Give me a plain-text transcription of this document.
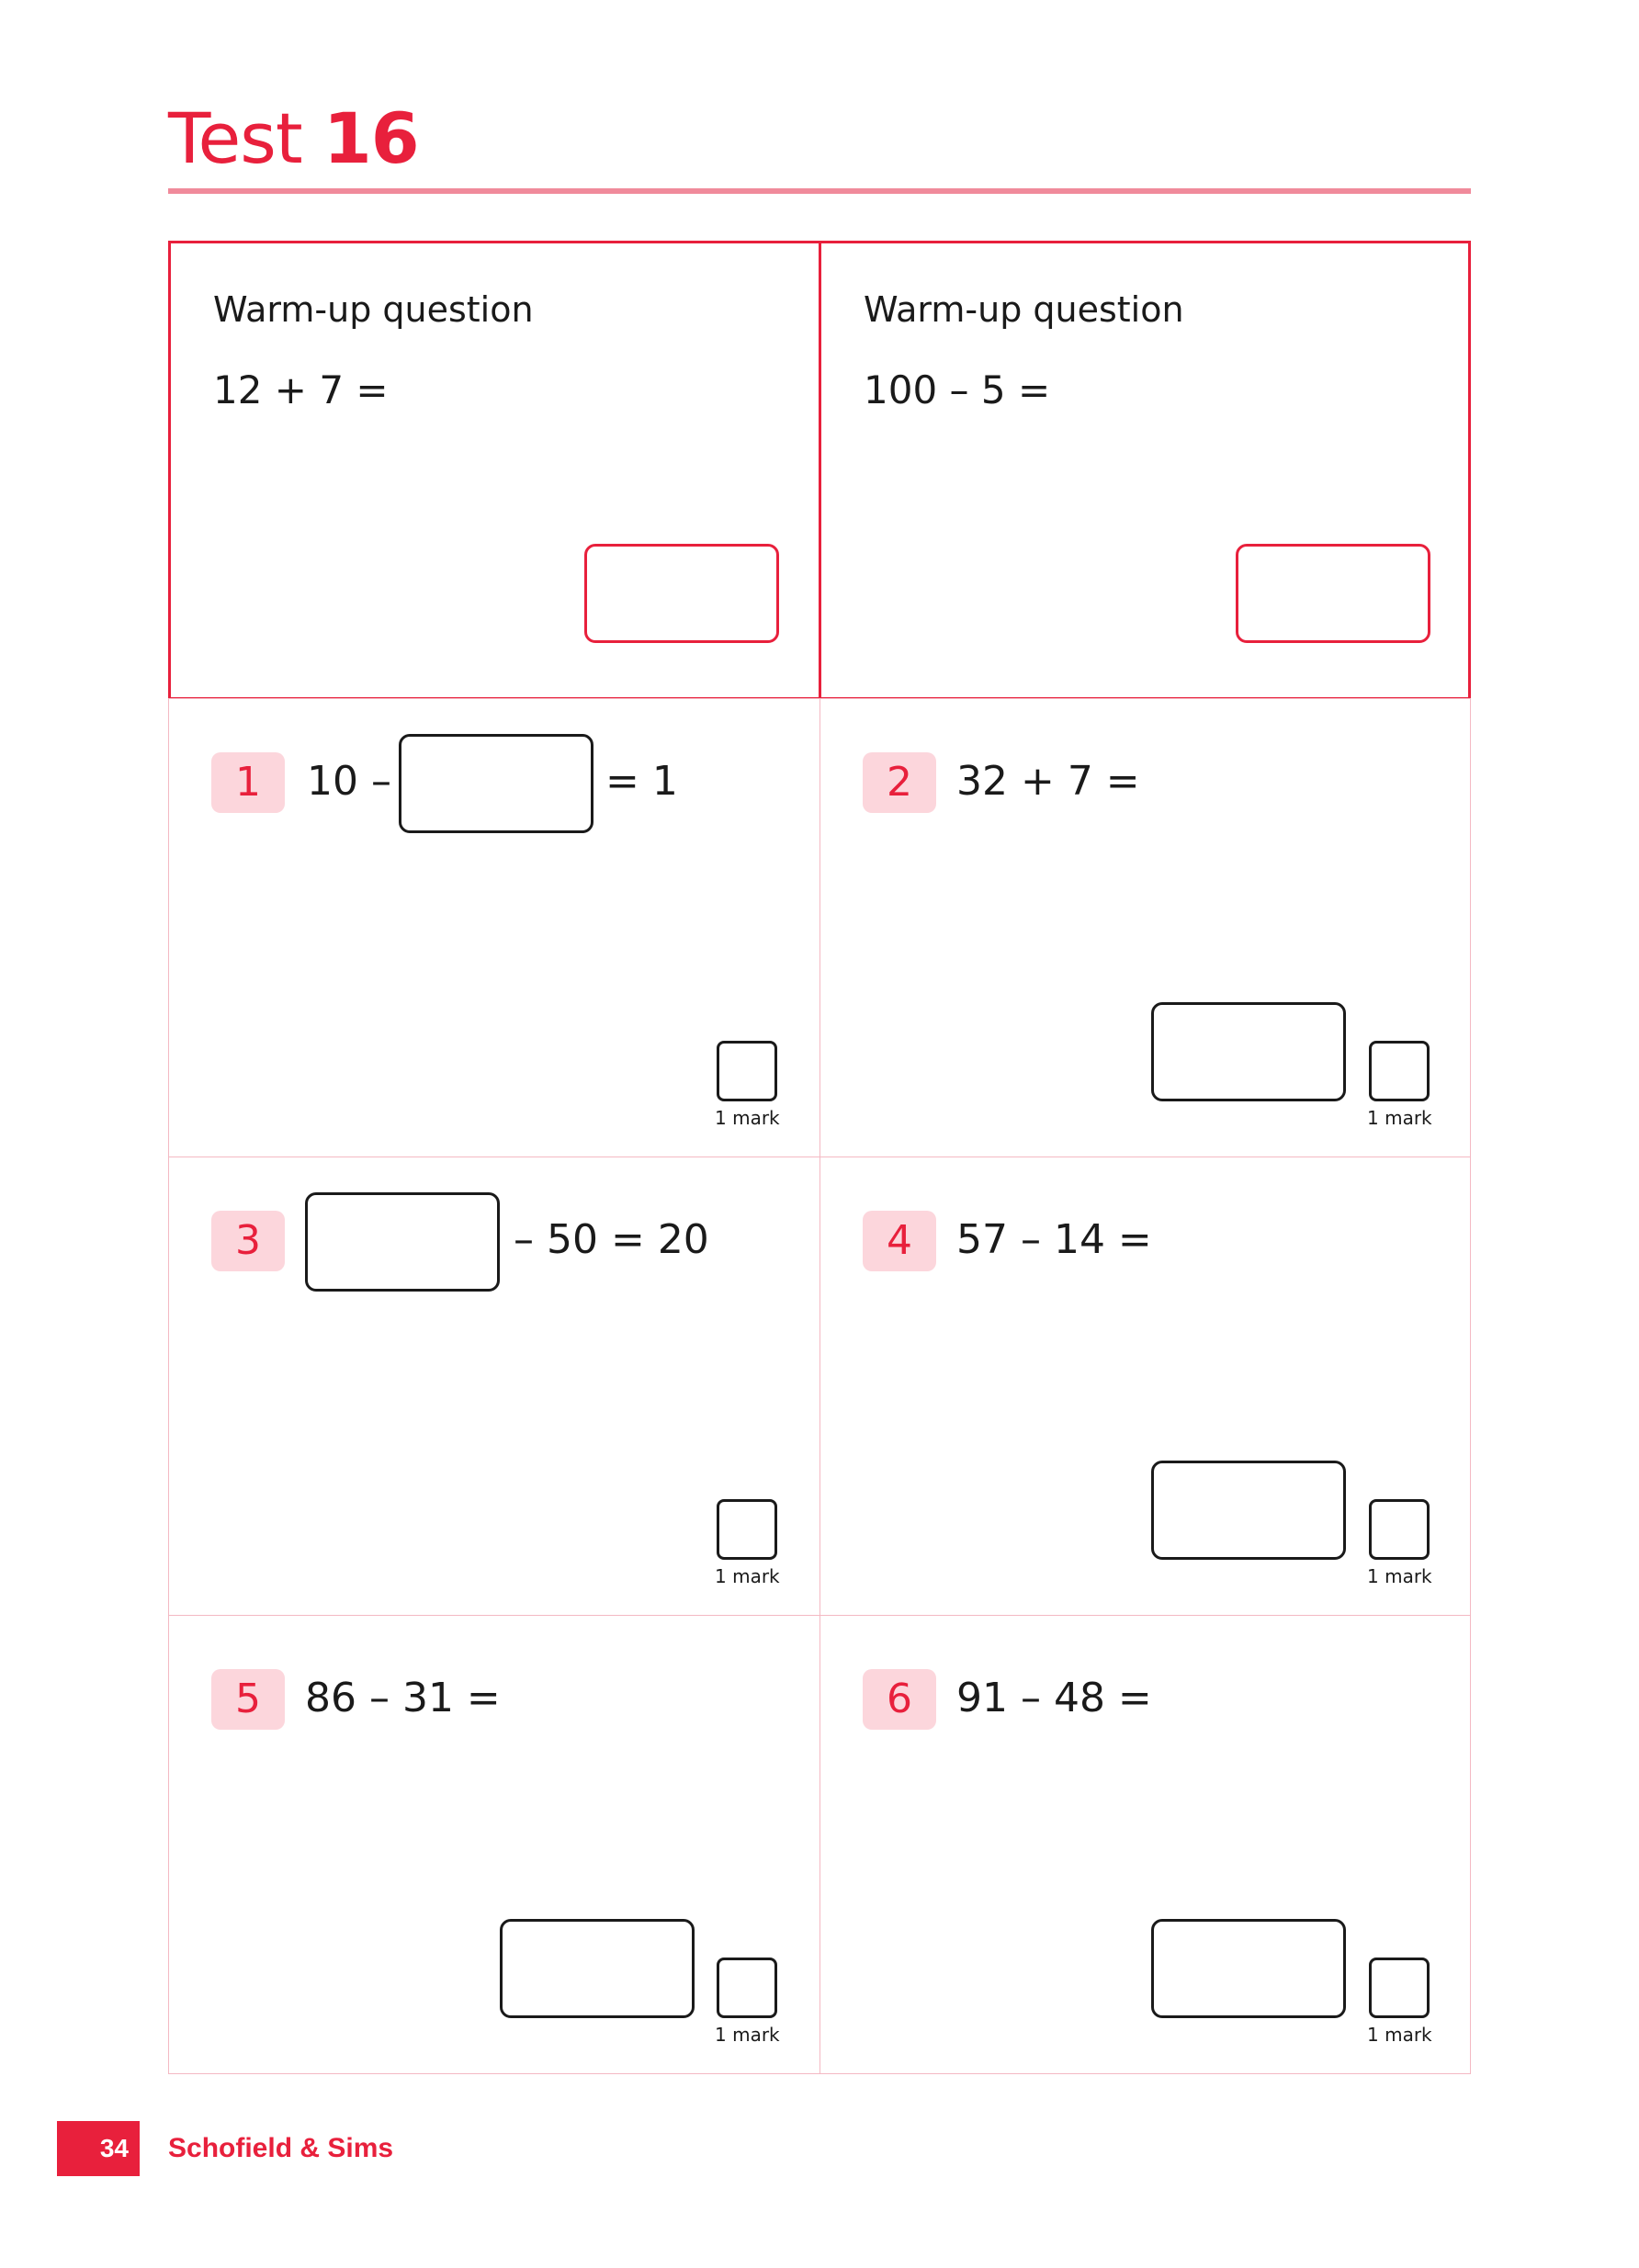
Test 16
Warm-up question
12 + 7 =
Warm-up question
100 – 5 =
1	10 –	= 1
1 mark
2	32 + 7 =
1 mark
3	– 50 = 20
1 mark
4	57 – 14 =
1 mark
5	86 – 31 =
1 mark
6	91 – 48 =
1 mark
34	Schofield & Sims
